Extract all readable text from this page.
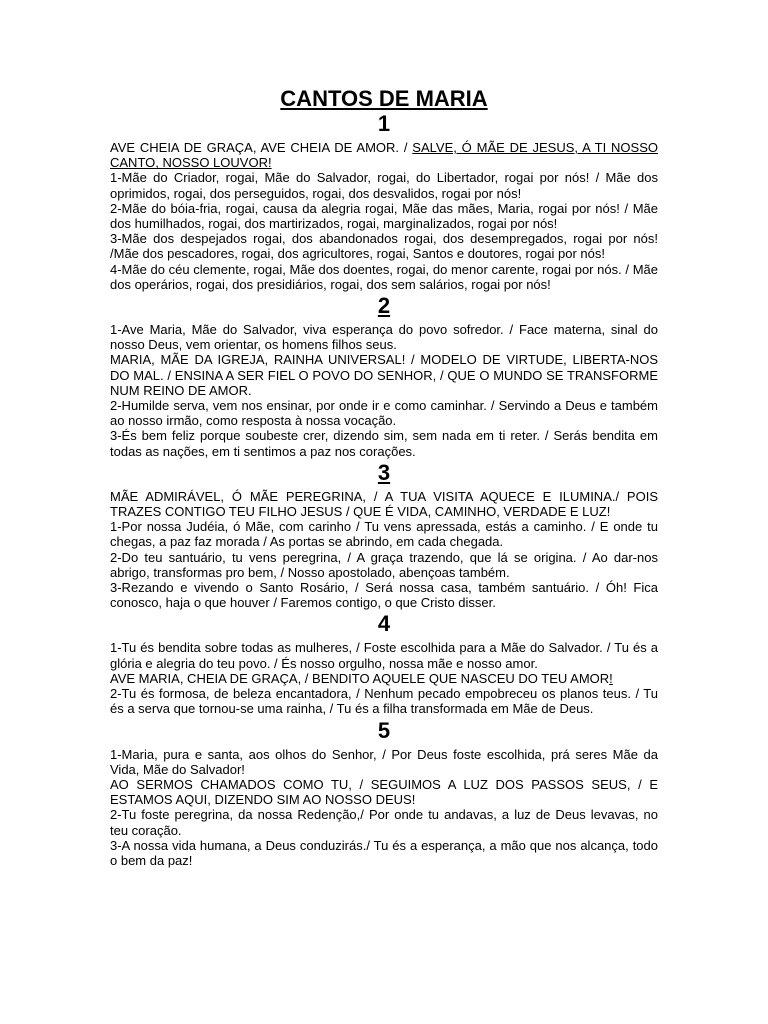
CANTOS DE MARIA
1

AVE CHEIA DE GRAÇA, AVE CHEIA DE AMOR. / SALVE, Ó MÃE DE JESUS, A TI NOSSO CANTO, NOSSO LOUVOR!

1-Mãe do Criador, rogai, Mãe do Salvador, rogai, do Libertador, rogai por nós! / Mãe dos oprimidos, rogai, dos perseguidos, rogai, dos desvalidos, rogai por nós!

2-Mãe do bóia-fria, rogai, causa da alegria rogai, Mãe das mães, Maria, rogai por nós! / Mãe dos humilhados, rogai, dos martirizados, rogai, marginalizados, rogai por nós!

3-Mãe dos despejados rogai, dos abandonados rogai, dos desempregados, rogai por nós! /Mãe dos pescadores, rogai, dos agricultores, rogai, Santos e doutores, rogai por nós!

4-Mãe do céu clemente, rogai, Mãe dos doentes, rogai, do menor carente, rogai por nós. / Mãe dos operários, rogai, dos presidiários, rogai, dos sem salários, rogai por nós!

2

1-Ave Maria, Mãe do Salvador, viva esperança do povo sofredor. / Face materna, sinal do nosso Deus, vem orientar, os homens filhos seus.

MARIA, MÃE DA IGREJA, RAINHA UNIVERSAL! / MODELO DE VIRTUDE, LIBERTA-NOS DO MAL. / ENSINA A SER FIEL O POVO DO SENHOR, / QUE O MUNDO SE TRANSFORME NUM REINO DE AMOR.

2-Humilde serva, vem nos ensinar, por onde ir e como caminhar. / Servindo a Deus e também ao nosso irmão, como resposta à nossa vocação.

3-És bem feliz porque soubeste crer, dizendo sim, sem nada em ti reter. / Serás bendita em todas as nações, em ti sentimos a paz nos corações.

3

MÃE ADMIRÁVEL, Ó MÃE PEREGRINA, / A TUA VISITA AQUECE E ILUMINA./ POIS TRAZES CONTIGO TEU FILHO JESUS / QUE É VIDA, CAMINHO, VERDADE E LUZ!

1-Por nossa Judéia, ó Mãe, com carinho / Tu vens apressada, estás a caminho. / E onde tu chegas, a paz faz morada / As portas se abrindo, em cada chegada.

2-Do teu santuário, tu vens peregrina, / A graça trazendo, que lá se origina. / Ao dar-nos abrigo, transformas pro bem, / Nosso apostolado, abençoas também.

3-Rezando e vivendo o Santo Rosário, / Será nossa casa, também santuário. / Óh! Fica conosco, haja o que houver / Faremos contigo, o que Cristo disser.

4

1-Tu és bendita sobre todas as mulheres, / Foste escolhida para a Mãe do Salvador. / Tu és a glória e alegria do teu povo. / És nosso orgulho, nossa mãe e nosso amor.

AVE MARIA, CHEIA DE GRAÇA, / BENDITO AQUELE QUE NASCEU DO TEU AMOR!

2-Tu és formosa, de beleza encantadora, / Nenhum pecado empobreceu os planos teus. / Tu és a serva que tornou-se uma rainha, / Tu és a filha transformada em Mãe de Deus.

5

1-Maria, pura e santa, aos olhos do Senhor, / Por Deus foste escolhida, prá seres Mãe da Vida, Mãe do Salvador!

AO SERMOS CHAMADOS COMO TU, / SEGUIMOS A LUZ DOS PASSOS SEUS, / E ESTAMOS AQUI, DIZENDO SIM AO NOSSO DEUS!

2-Tu foste peregrina, da nossa Redenção,/ Por onde tu andavas, a luz de Deus levavas, no teu coração.

3-A nossa vida humana, a Deus conduzirás./ Tu és a esperança, a mão que nos alcança, todo o bem da paz!
